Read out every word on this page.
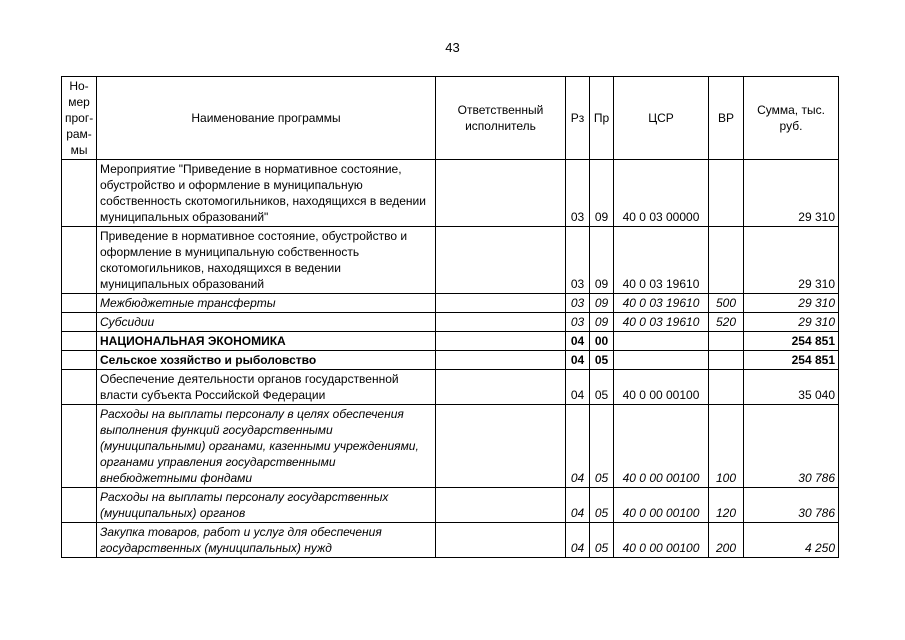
43
Но-мер прог-рам-мы	Наименование программы	Ответственный исполнитель	Рз	Пр	ЦСР	ВР	Сумма, тыс. руб.
	Мероприятие "Приведение в нормативное состояние, обустройство и оформление в муниципальную собственность скотомогильников, находящихся в ведении муниципальных образований"		03	09	40 0 03 00000		29 310
	Приведение в нормативное состояние, обустройство и оформление в муниципальную собственность скотомогильников, находящихся в ведении муниципальных образований		03	09	40 0 03 19610		29 310
	Межбюджетные трансферты		03	09	40 0 03 19610	500	29 310
	Субсидии		03	09	40 0 03 19610	520	29 310
	НАЦИОНАЛЬНАЯ ЭКОНОМИКА		04	00			254 851
	Сельское хозяйство и рыболовство		04	05			254 851
	Обеспечение деятельности органов государственной власти субъекта Российской Федерации		04	05	40 0 00 00100		35 040
	Расходы на выплаты персоналу в целях обеспечения выполнения функций государственными (муниципальными) органами, казенными учреждениями, органами управления государственными внебюджетными фондами		04	05	40 0 00 00100	100	30 786
	Расходы на выплаты персоналу государственных (муниципальных) органов		04	05	40 0 00 00100	120	30 786
	Закупка товаров, работ и услуг для обеспечения государственных (муниципальных) нужд		04	05	40 0 00 00100	200	4 250
